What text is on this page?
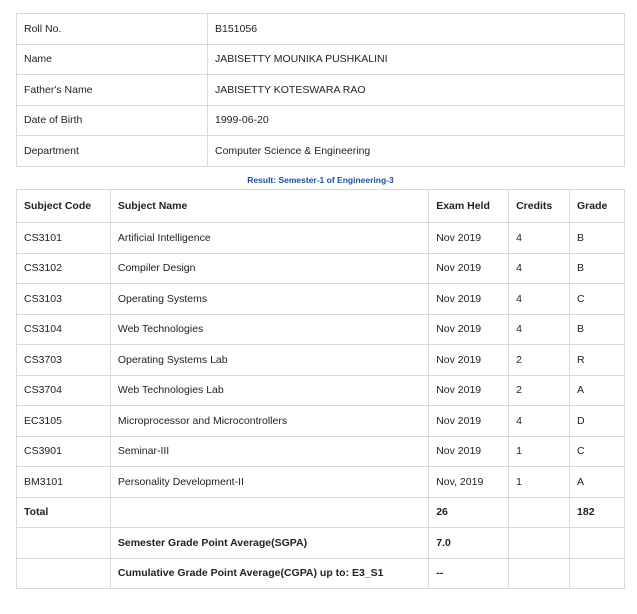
Roll No.	B151056
Name	JABISETTY MOUNIKA PUSHKALINI
Father's Name	JABISETTY KOTESWARA RAO
Date of Birth	1999-06-20
Department	Computer Science & Engineering
Result: Semester-1 of Engineering-3
Subject Code	Subject Name	Exam Held	Credits	Grade
CS3101	Artificial Intelligence	Nov 2019	4	B
CS3102	Compiler Design	Nov 2019	4	B
CS3103	Operating Systems	Nov 2019	4	C
CS3104	Web Technologies	Nov 2019	4	B
CS3703	Operating Systems Lab	Nov 2019	2	R
CS3704	Web Technologies Lab	Nov 2019	2	A
EC3105	Microprocessor and Microcontrollers	Nov 2019	4	D
CS3901	Seminar-III	Nov 2019	1	C
BM3101	Personality Development-II	Nov, 2019	1	A
Total		26		182
	Semester Grade Point Average(SGPA)	7.0		
	Cumulative Grade Point Average(CGPA) up to: E3_S1	--		
